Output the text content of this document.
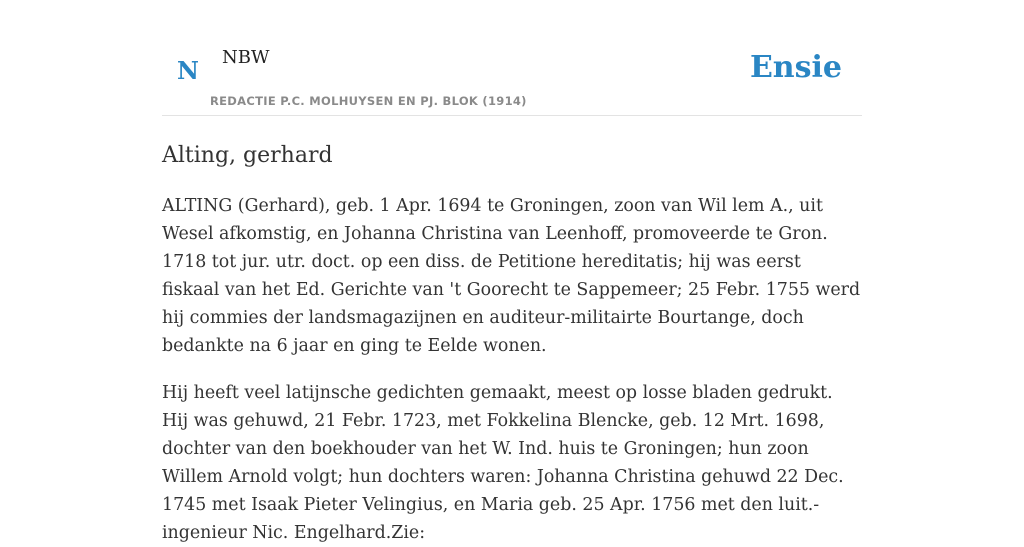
N NBW
REDACTIE P.C. MOLHUYSEN EN PJ. BLOK (1914)
Ensie
Alting, gerhard

ALTING (Gerhard), geb. 1 Apr. 1694 te Groningen, zoon van Wil lem A., uit Wesel afkomstig, en Johanna Christina van Leenhoff, promoveerde te Gron. 1718 tot jur. utr. doct. op een diss. de Petitione hereditatis; hij was eerst fiskaal van het Ed. Gerichte van 't Goorecht te Sappemeer; 25 Febr. 1755 werd hij commies der landsmagazijnen en auditeur-militairte Bourtange, doch bedankte na 6 jaar en ging te Eelde wonen.

Hij heeft veel latijnsche gedichten gemaakt, meest op losse bladen gedrukt. Hij was gehuwd, 21 Febr. 1723, met Fokkelina Blencke, geb. 12 Mrt. 1698, dochter van den boekhouder van het W. Ind. huis te Groningen; hun zoon Willem Arnold volgt; hun dochters waren: Johanna Christina gehuwd 22 Dec. 1745 met Isaak Pieter Velingius, en Maria geb. 25 Apr. 1756 met den luit.-ingenieur Nic. Engelhard.Zie:
